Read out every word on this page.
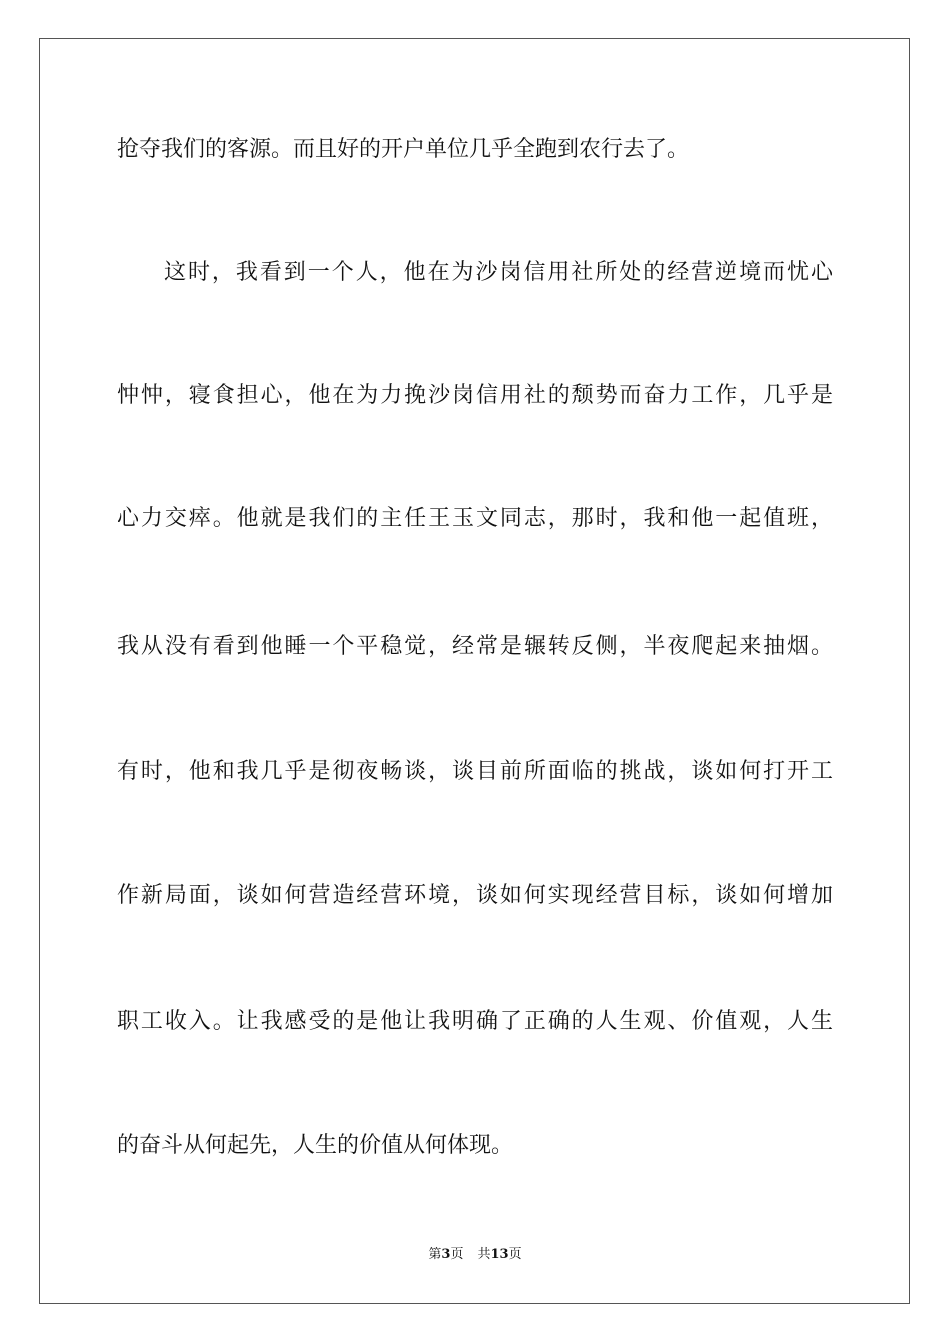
抢夺我们的客源。而且好的开户单位几乎全跑到农行去了。
这时，我看到一个人，他在为沙岗信用社所处的经营逆境而忧心
忡忡，寝食担心，他在为力挽沙岗信用社的颓势而奋力工作，几乎是
心力交瘁。他就是我们的主任王玉文同志，那时，我和他一起值班，
我从没有看到他睡一个平稳觉，经常是辗转反侧，半夜爬起来抽烟。
有时，他和我几乎是彻夜畅谈，谈目前所面临的挑战，谈如何打开工
作新局面，谈如何营造经营环境，谈如何实现经营目标，谈如何增加
职工收入。让我感受的是他让我明确了正确的人生观、价值观，人生
的奋斗从何起先，人生的价值从何体现。
第3页 共13页
